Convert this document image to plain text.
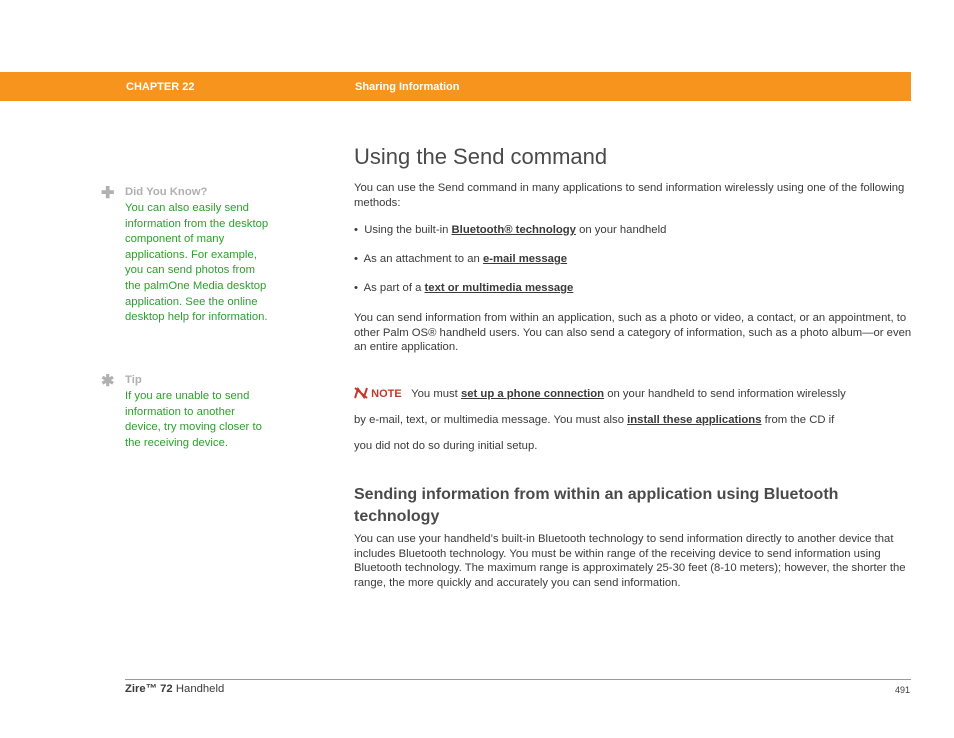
CHAPTER 22	Sharing Information
✚ Did You Know?
You can also easily send information from the desktop component of many applications. For example, you can send photos from the palmOne Media desktop application. See the online desktop help for information.
✱ Tip
If you are unable to send information to another device, try moving closer to the receiving device.
Using the Send command
You can use the Send command in many applications to send information wirelessly using one of the following methods:
•  Using the built-in Bluetooth® technology on your handheld
•  As an attachment to an e-mail message
•  As part of a text or multimedia message
You can send information from within an application, such as a photo or video, a contact, or an appointment, to other Palm OS® handheld users. You can also send a category of information, such as a photo album—or even an entire application.
NOTE You must set up a phone connection on your handheld to send information wirelessly
by e-mail, text, or multimedia message. You must also install these applications from the CD if
you did not do so during initial setup.
Sending information from within an application using Bluetooth technology
You can use your handheld’s built-in Bluetooth technology to send information directly to another device that includes Bluetooth technology. You must be within range of the receiving device to send information using Bluetooth technology. The maximum range is approximately 25-30 feet (8-10 meters); however, the shorter the range, the more quickly and accurately you can send information.
Zire™ 72 Handheld	491
